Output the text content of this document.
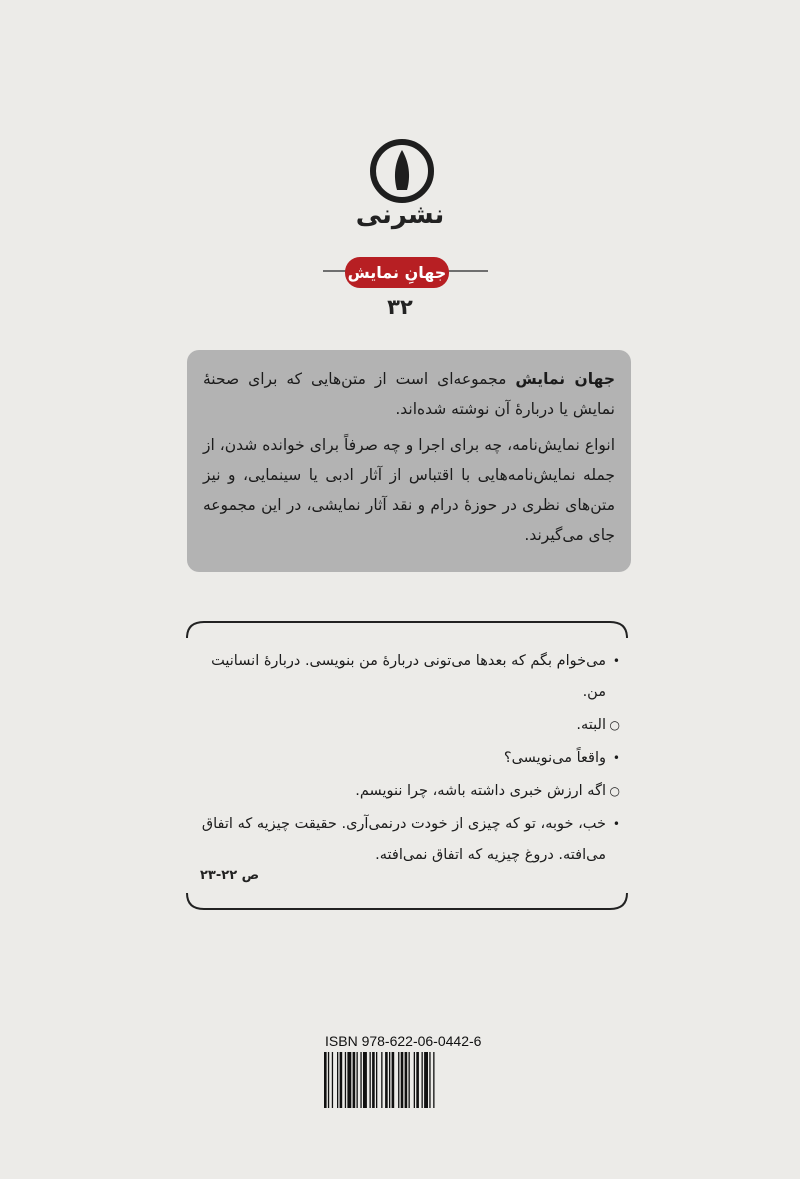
نشرنی
جهانِ نمایش
۳۲

جهان نمایش مجموعه‌ای است از متن‌هایی که برای صحنهٔ نمایش یا دربارهٔ آن نوشته شده‌اند.

انواع نمایش‌نامه، چه برای اجرا و چه صرفاً برای خوانده شدن، از جمله نمایش‌نامه‌هایی با اقتباس از آثار ادبی یا سینمایی، و نیز متن‌های نظری در حوزهٔ درام و نقد آثار نمایشی، در این مجموعه جای می‌گیرند.

•
می‌خوام بگم که بعدها می‌تونی دربارهٔ من بنویسی. دربارهٔ انسانیت من.
○
البته.
•
واقعاً می‌نویسی؟
○
اگه ارزش خبری داشته باشه، چرا ننویسم.
•
خب، خوبه، تو که چیزی از خودت درنمی‌آری. حقیقت چیزیه که اتفاق می‌افته. دروغ چیزیه که اتفاق نمی‌افته.
ص ۲۲-۲۳
ISBN 978-622-06-0442-6
